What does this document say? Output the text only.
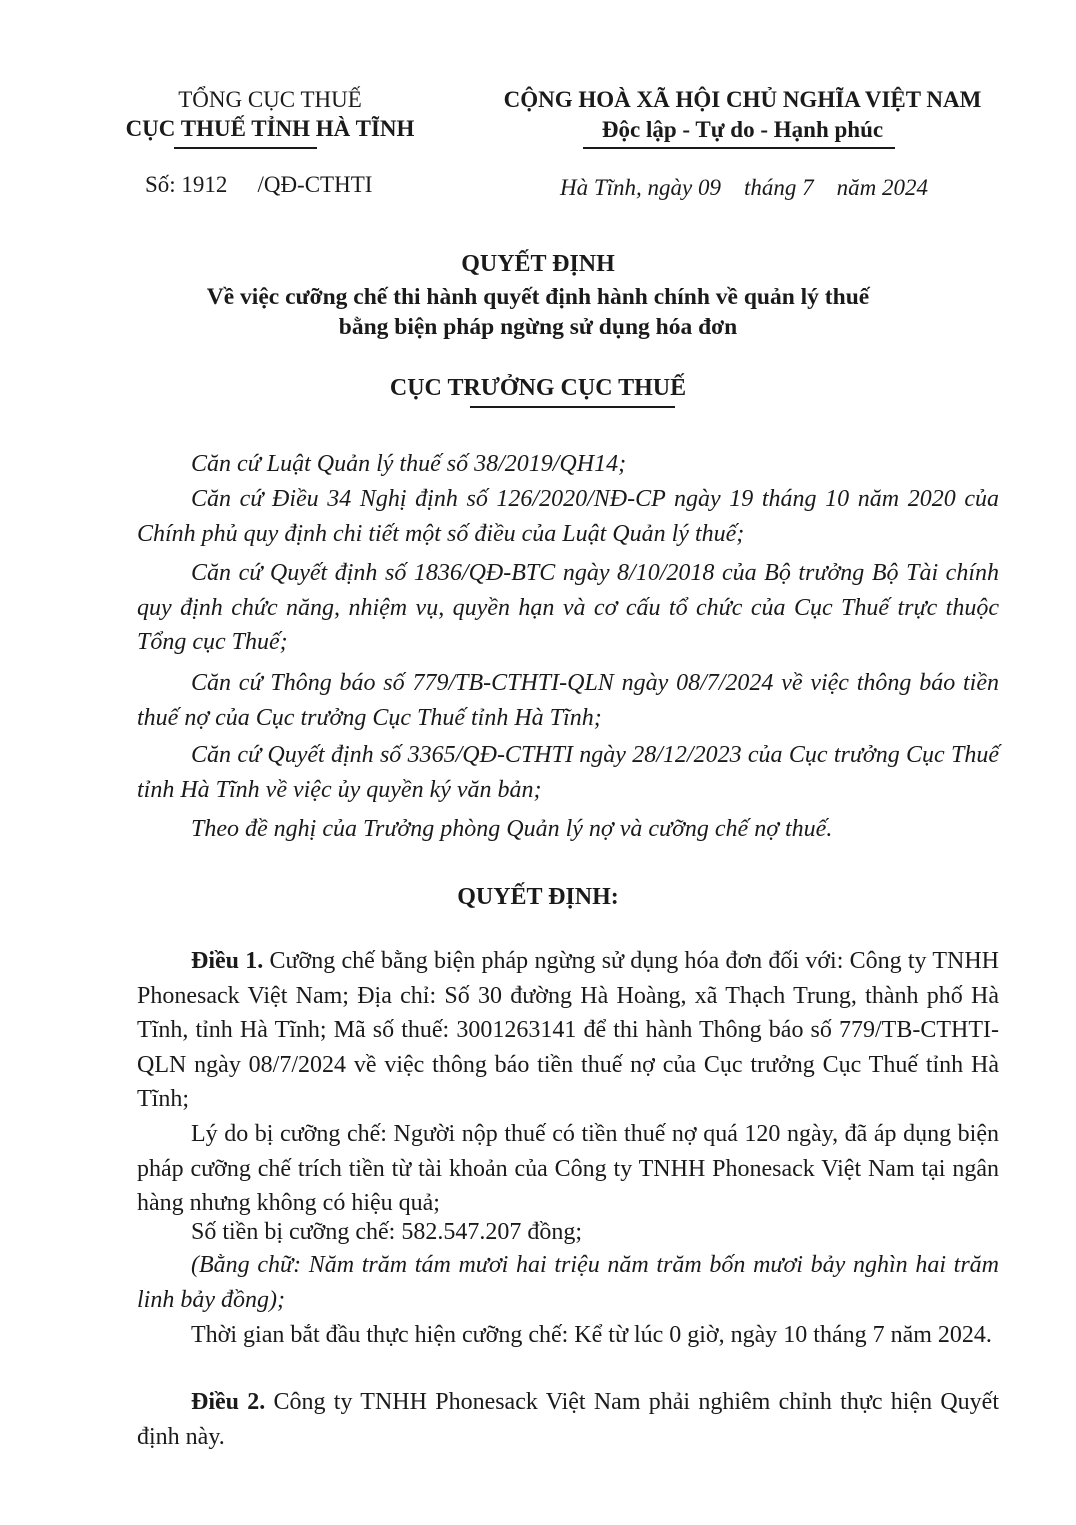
TỔNG CỤC THUẾ
CỤC THUẾ TỈNH HÀ TĨNH
CỘNG HOÀ XÃ HỘI CHỦ NGHĨA VIỆT NAM
Độc lập - Tự do - Hạnh phúc
Số: 1912 /QĐ-CTHTI	Hà Tĩnh, ngày 09    tháng 7    năm 2024
QUYẾT ĐỊNH
Về việc cưỡng chế thi hành quyết định hành chính về quản lý thuế
bằng biện pháp ngừng sử dụng hóa đơn
CỤC TRƯỞNG CỤC THUẾ
Căn cứ Luật Quản lý thuế số 38/2019/QH14;
Căn cứ Điều 34 Nghị định số 126/2020/NĐ-CP ngày 19 tháng 10 năm 2020 của Chính phủ quy định chi tiết một số điều của Luật Quản lý thuế;
Căn cứ Quyết định số 1836/QĐ-BTC ngày 8/10/2018 của Bộ trưởng Bộ Tài chính quy định chức năng, nhiệm vụ, quyền hạn và cơ cấu tổ chức của Cục Thuế trực thuộc Tổng cục Thuế;
Căn cứ Thông báo số 779/TB-CTHTI-QLN ngày 08/7/2024 về việc thông báo tiền thuế nợ của Cục trưởng Cục Thuế tỉnh Hà Tĩnh;
Căn cứ Quyết định số 3365/QĐ-CTHTI ngày 28/12/2023 của Cục trưởng Cục Thuế tỉnh Hà Tĩnh về việc ủy quyền ký văn bản;
Theo đề nghị của Trưởng phòng Quản lý nợ và cưỡng chế nợ thuế.
QUYẾT ĐỊNH:
Điều 1. Cưỡng chế bằng biện pháp ngừng sử dụng hóa đơn đối với: Công ty TNHH Phonesack Việt Nam; Địa chỉ: Số 30 đường Hà Hoàng, xã Thạch Trung, thành phố Hà Tĩnh, tỉnh Hà Tĩnh; Mã số thuế: 3001263141 để thi hành Thông báo số 779/TB-CTHTI-QLN ngày 08/7/2024 về việc thông báo tiền thuế nợ của Cục trưởng Cục Thuế tỉnh Hà Tĩnh;
Lý do bị cưỡng chế: Người nộp thuế có tiền thuế nợ quá 120 ngày, đã áp dụng biện pháp cưỡng chế trích tiền từ tài khoản của Công ty TNHH Phonesack Việt Nam tại ngân hàng nhưng không có hiệu quả;
Số tiền bị cưỡng chế: 582.547.207 đồng;
(Bằng chữ: Năm trăm tám mươi hai triệu năm trăm bốn mươi bảy nghìn hai trăm linh bảy đồng);
Thời gian bắt đầu thực hiện cưỡng chế: Kể từ lúc 0 giờ, ngày 10 tháng 7 năm 2024.
Điều 2. Công ty TNHH Phonesack Việt Nam phải nghiêm chỉnh thực hiện Quyết định này.
